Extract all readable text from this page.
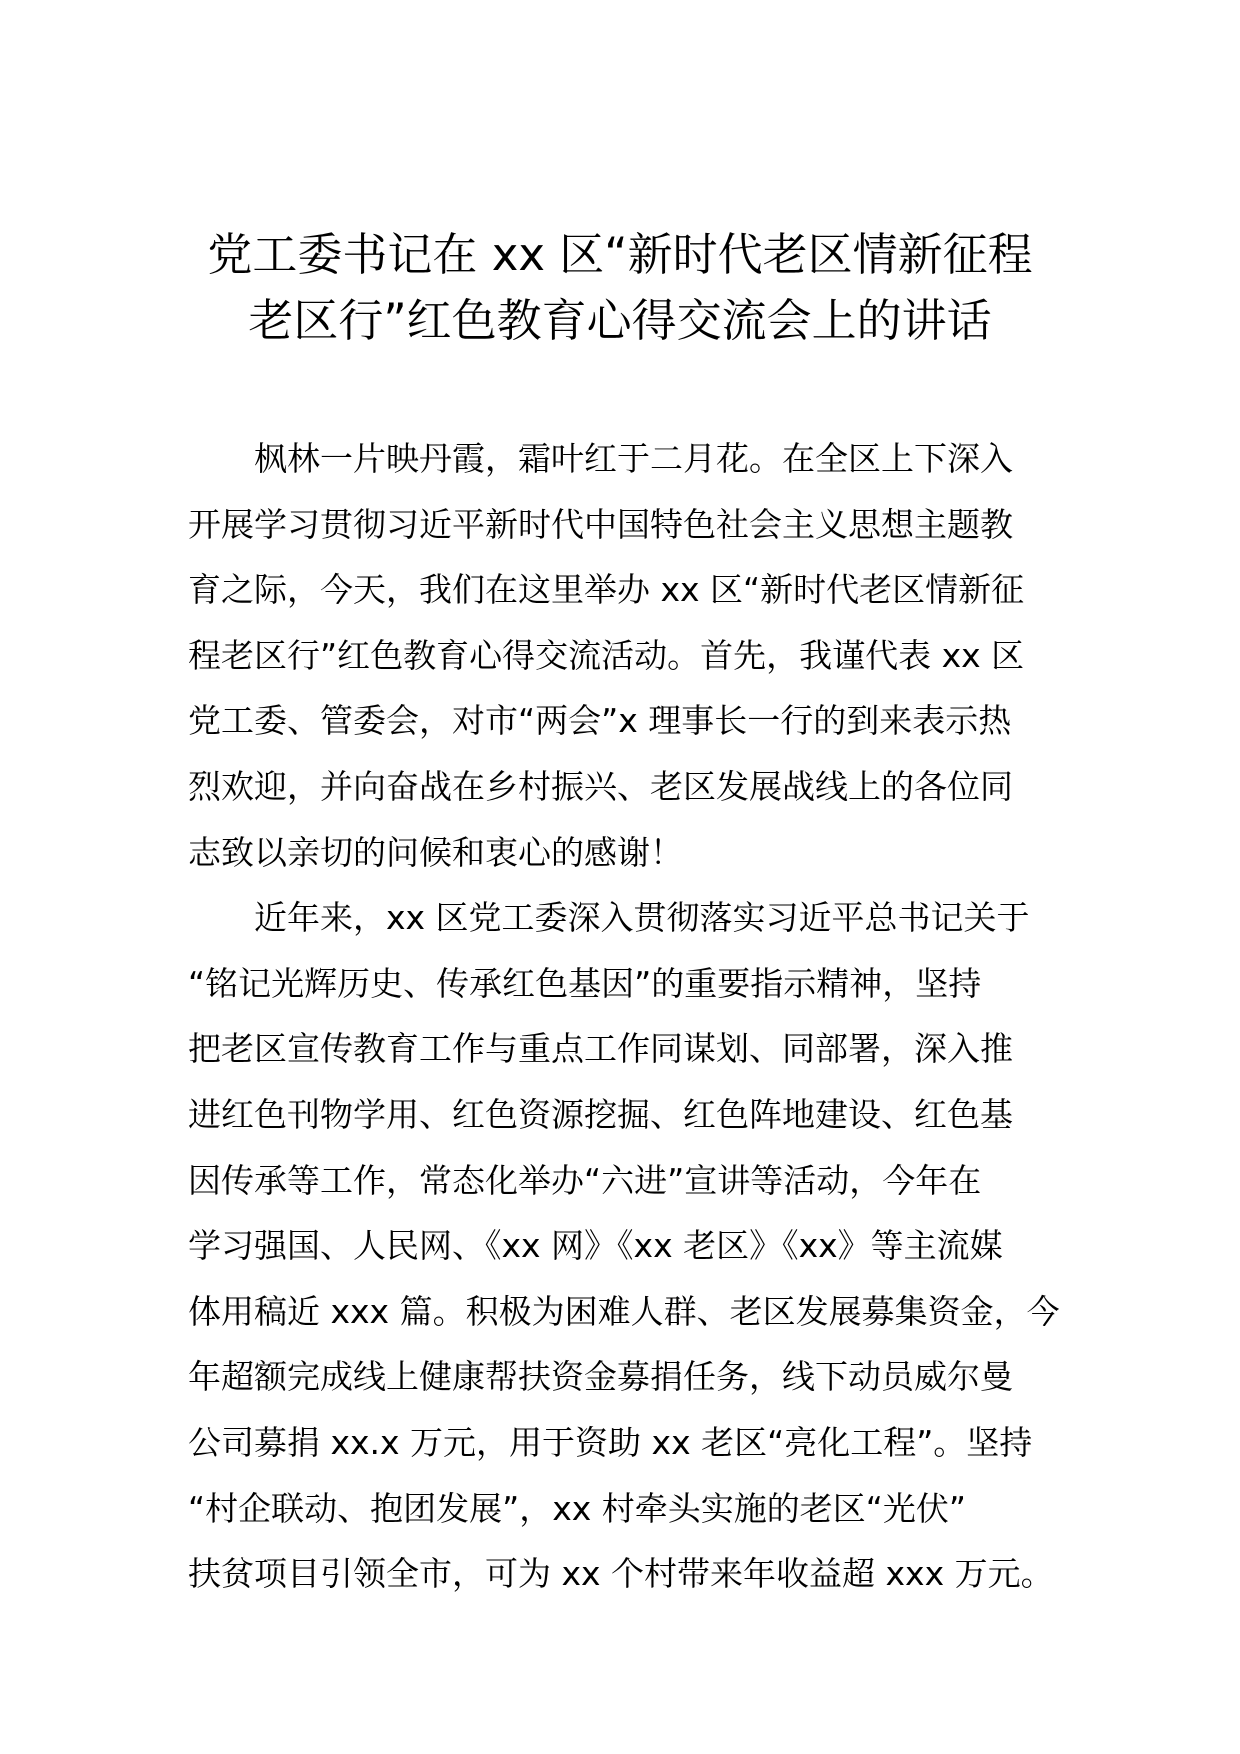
党工委书记在 xx 区“新时代老区情新征程
老区行”红色教育心得交流会上的讲话
枫林一片映丹霞，霜叶红于二月花。在全区上下深入
开展学习贯彻习近平新时代中国特色社会主义思想主题教
育之际，今天，我们在这里举办 xx 区“新时代老区情新征
程老区行”红色教育心得交流活动。首先，我谨代表 xx 区
党工委、管委会，对市“两会”x 理事长一行的到来表示热
烈欢迎，并向奋战在乡村振兴、老区发展战线上的各位同
志致以亲切的问候和衷心的感谢！
近年来，xx 区党工委深入贯彻落实习近平总书记关于
“铭记光辉历史、传承红色基因”的重要指示精神，坚持
把老区宣传教育工作与重点工作同谋划、同部署，深入推
进红色刊物学用、红色资源挖掘、红色阵地建设、红色基
因传承等工作，常态化举办“六进”宣讲等活动，今年在
学习强国、人民网、《xx 网》《xx 老区》《xx》等主流媒
体用稿近 xxx 篇。积极为困难人群、老区发展募集资金，今
年超额完成线上健康帮扶资金募捐任务，线下动员威尔曼
公司募捐 xx.x 万元，用于资助 xx 老区“亮化工程”。坚持
“村企联动、抱团发展”，xx 村牵头实施的老区“光伏”
扶贫项目引领全市，可为 xx 个村带来年收益超 xxx 万元。
